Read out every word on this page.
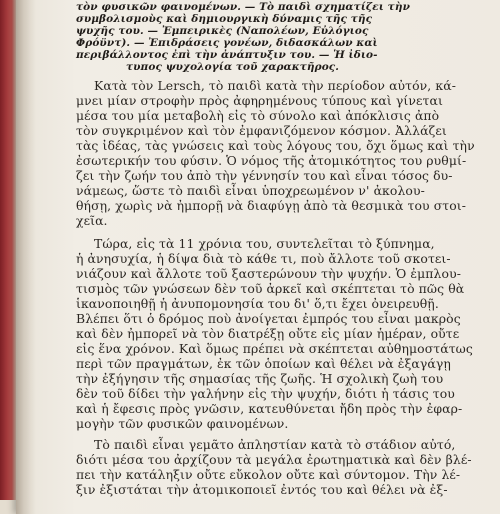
τὸν φυσικῶν φαινομένων. — Τὸ παιδὶ σχηματίζει τὴν
συμβολισμοὺς καὶ δημιουργικὴ δύναμις τῆς τῆς
ψυχῆς του. — Ἐμπειρικὲς (Ναπολέων, Εὐλόγιος
Φρόϋντ). — Ἐπιδράσεις γονέων, διδασκάλων καὶ
περιβάλλοντος ἐπὶ τὴν ἀνάπτυξιν του. — Ἡ ἰδιο-
τυπος ψυχολογία τοῦ χαρακτῆρος.
Κατὰ τὸν Lersch, τὸ παιδὶ κατὰ τὴν περίοδον αὐτόν, κά-
μνει μίαν στροφὴν πρὸς ἀφηρημένους τύπους καὶ γίνεται
μέσα του μία μεταβολὴ εἰς τὸ σύνολο καὶ ἀπόκλισις ἀπὸ
τὸν συγκριμένον καὶ τὸν ἐμφανιζόμενον κόσμον. Ἀλλάζει
τὰς ἰδέας, τὰς γνώσεις καὶ τοὺς λόγους του, ὄχι ὅμως καὶ τὴν
ἐσωτερικήν του φύσιν. Ὁ νόμος τῆς ἀτομικότητος του ρυθμί-
ζει τὴν ζωήν του ἀπὸ τὴν γέννησίν του καὶ εἶναι τόσος δυ-
νάμεως, ὥστε τὸ παιδὶ εἶναι ὑποχρεωμένον ν' ἀκολου-
θήσῃ, χωρὶς νὰ ἠμπορῇ νὰ διαφύγῃ ἀπὸ τὰ θεσμικὰ του στοι-
χεῖα.
Τώρα, εἰς τὰ 11 χρόνια του, συντελεῖται τὸ ξύπνημα,
ἡ ἀνησυχία, ἡ δίψα διὰ τὸ κάθε τι, ποὺ ἄλλοτε τοῦ σκοτει-
νιάζουν καὶ ἄλλοτε τοῦ ξαστερώνουν τὴν ψυχήν. Ὁ ἐμπλου-
τισμὸς τῶν γνώσεων δὲν τοῦ ἀρκεῖ καὶ σκέπτεται τὸ πῶς θὰ
ἱκανοποιηθῇ ἡ ἀνυπομονησία του δι' ὅ,τι ἔχει ὀνειρευθῇ.
Βλέπει ὅτι ὁ δρόμος ποὺ ἀνοίγεται ἐμπρός του εἶναι μακρὸς
καὶ δὲν ἠμπορεῖ νὰ τὸν διατρέξῃ οὔτε εἰς μίαν ἡμέραν, οὔτε
εἰς ἕνα χρόνον. Καὶ ὅμως πρέπει νὰ σκέπτεται αὐθημοστάτως
περὶ τῶν πραγμάτων, ἐκ τῶν ὁποίων καὶ θέλει νὰ ἐξαγάγῃ
τὴν ἐξήγησιν τῆς σημασίας τῆς ζωῆς. Ἡ σχολικὴ ζωὴ του
δὲν τοῦ δίδει τὴν γαλήνην εἰς τὴν ψυχήν, διότι ἡ τάσις του
καὶ ἡ ἔφεσις πρὸς γνῶσιν, κατευθύνεται ἤδη πρὸς τὴν ἐφαρ-
μογὴν τῶν φυσικῶν φαινομένων.
Τὸ παιδὶ εἶναι γεμᾶτο ἀπληστίαν κατὰ τὸ στάδιον αὐτό,
διότι μέσα του ἀρχίζουν τὰ μεγάλα ἐρωτηματικὰ καὶ δὲν βλέ-
πει τὴν κατάληξιν οὔτε εὔκολον οὔτε καὶ σύντομον. Τὴν λέ-
ξιν ἐξιστάται τὴν ἀτομικοποιεῖ ἐντός του καὶ θέλει νὰ ἐξ-
